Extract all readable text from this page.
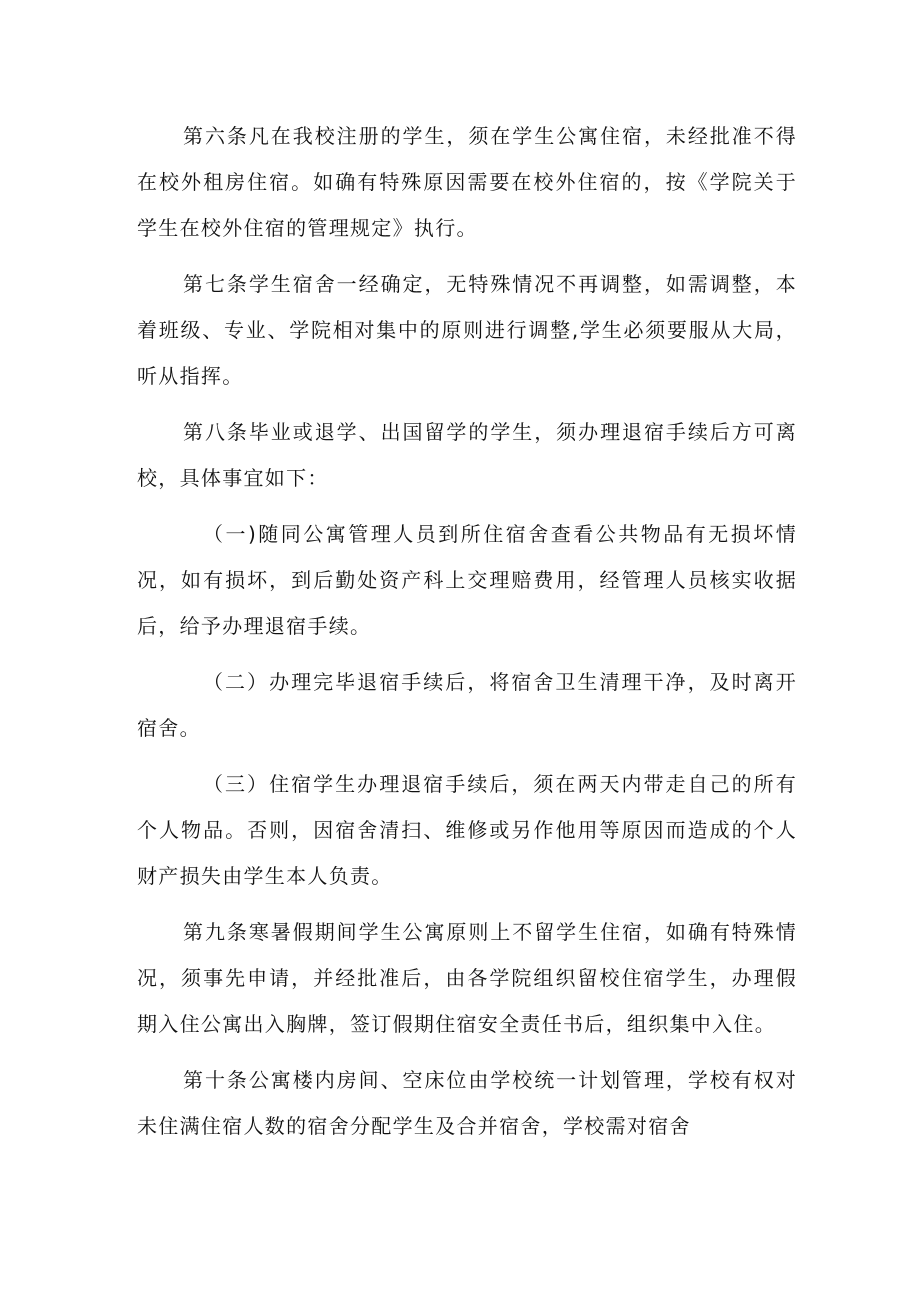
第六条凡在我校注册的学生，须在学生公寓住宿，未经批准不得在校外租房住宿。如确有特殊原因需要在校外住宿的，按《学院关于学生在校外住宿的管理规定》执行。

第七条学生宿舍一经确定，无特殊情况不再调整，如需调整，本着班级、专业、学院相对集中的原则进行调整,学生必须要服从大局，听从指挥。

第八条毕业或退学、出国留学的学生，须办理退宿手续后方可离校，具体事宜如下：

（一)随同公寓管理人员到所住宿舍查看公共物品有无损坏情况，如有损坏，到后勤处资产科上交理赔费用，经管理人员核实收据后，给予办理退宿手续。

（二）办理完毕退宿手续后，将宿舍卫生清理干净，及时离开宿舍。

（三）住宿学生办理退宿手续后，须在两天内带走自己的所有个人物品。否则，因宿舍清扫、维修或另作他用等原因而造成的个人财产损失由学生本人负责。

第九条寒暑假期间学生公寓原则上不留学生住宿，如确有特殊情况，须事先申请，并经批准后，由各学院组织留校住宿学生，办理假期入住公寓出入胸牌，签订假期住宿安全责任书后，组织集中入住。

第十条公寓楼内房间、空床位由学校统一计划管理，学校有权对未住满住宿人数的宿舍分配学生及合并宿舍，学校需对宿舍
